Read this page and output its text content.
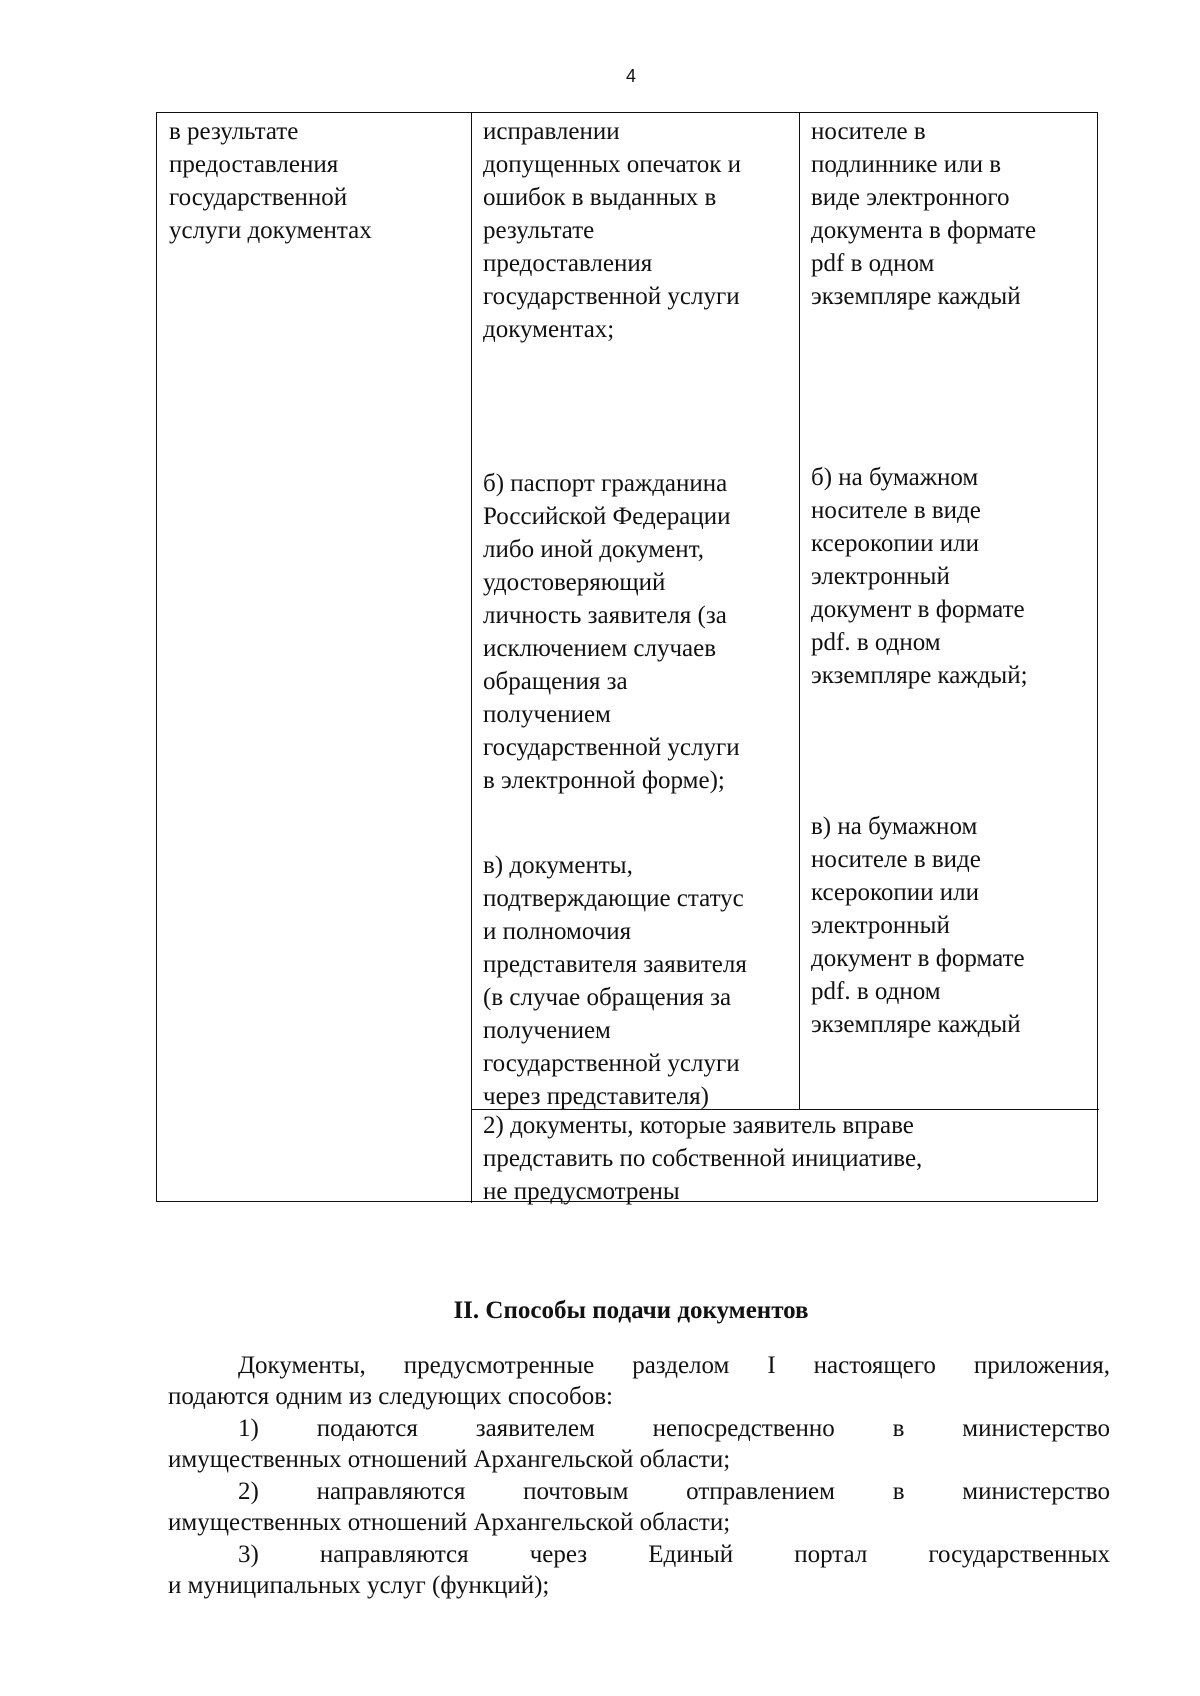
4

в результате
предоставления
государственной
услуги документах

исправлении
допущенных опечаток и
ошибок в выданных в
результате
предоставления
государственной услуги
документах;

б) паспорт гражданина
Российской Федерации
либо иной документ,
удостоверяющий
личность заявителя (за
исключением случаев
обращения за
получением
государственной услуги
в электронной форме);

в) документы,
подтверждающие статус
и полномочия
представителя заявителя
(в случае обращения за
получением
государственной услуги
через представителя)

носителе в
подлиннике или в
виде электронного
документа в формате
pdf в одном
экземпляре каждый

б) на бумажном
носителе в виде
ксерокопии или
электронный
документ в формате
pdf. в одном
экземпляре каждый;

в) на бумажном
носителе в виде
ксерокопии или
электронный
документ в формате
pdf. в одном
экземпляре каждый

2) документы, которые заявитель вправе
представить по собственной инициативе,
не предусмотрены

II. Способы подачи документов
Документы, предусмотренные разделом I настоящего приложения,
подаются одним из следующих способов:
1) подаются заявителем непосредственно в министерство
имущественных отношений Архангельской области;
2) направляются почтовым отправлением в министерство
имущественных отношений Архангельской области;
3) направляются через Единый портал государственных
и муниципальных услуг (функций);
